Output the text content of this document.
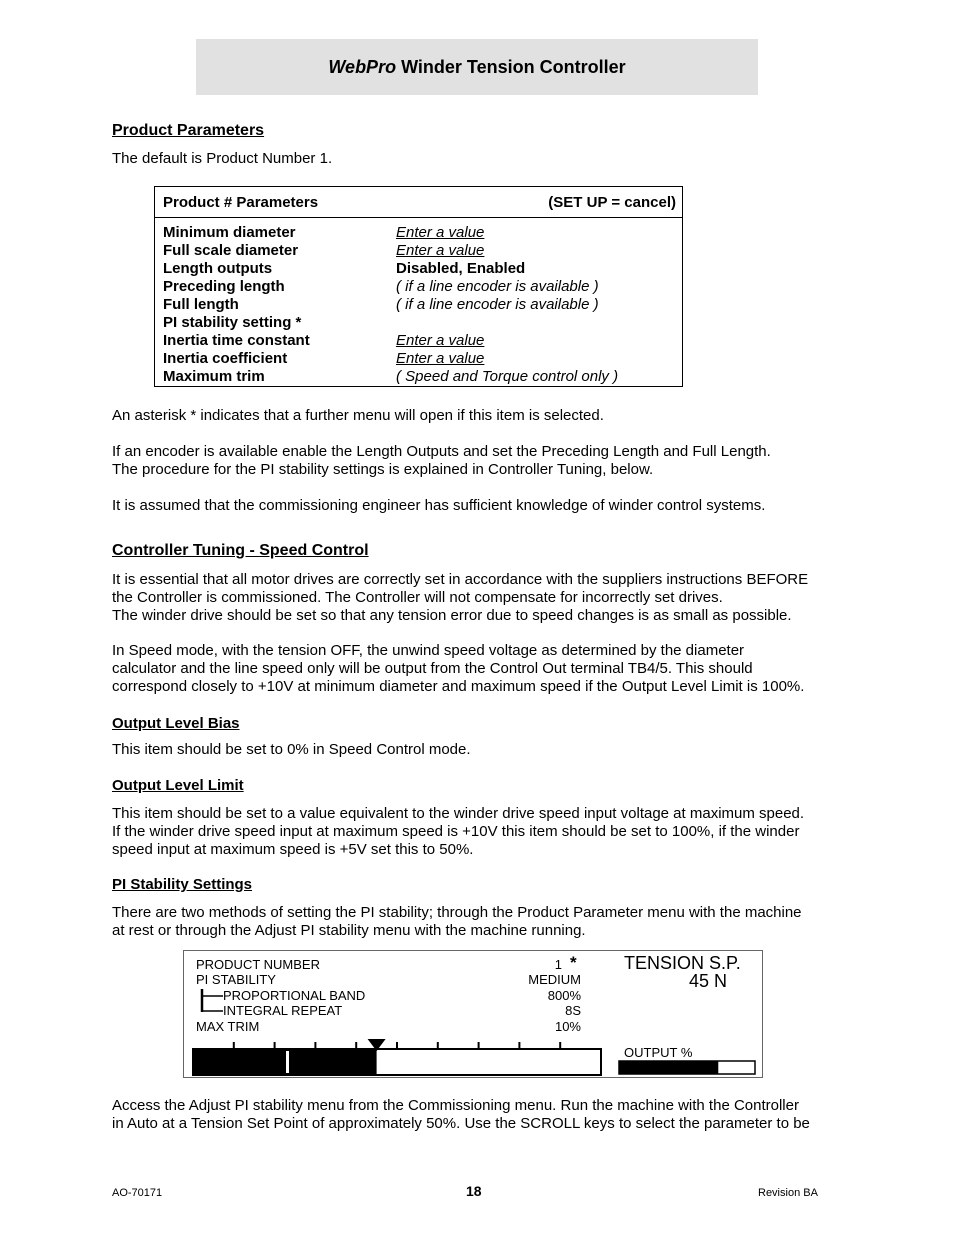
WebPro Winder Tension Controller
Product Parameters
The default is Product Number 1.
Product # Parameters	(SET UP = cancel)
Minimum diameter	Enter a value
Full scale diameter	Enter a value
Length outputs	Disabled, Enabled
Preceding length	( if a line encoder is available )
Full length	( if a line encoder is available )
PI stability setting *
Inertia time constant	Enter a value
Inertia coefficient	Enter a value
Maximum trim	( Speed and Torque control only )
An asterisk * indicates that a further menu will open if this item is selected.
If an encoder is available enable the Length Outputs and set the Preceding Length and Full Length.
The procedure for the PI stability settings is explained in Controller Tuning, below.
It is assumed that the commissioning engineer has sufficient knowledge of winder control systems.
Controller Tuning - Speed Control
It is essential that all motor drives are correctly set in accordance with the suppliers instructions BEFORE
the Controller is commissioned. The Controller will not compensate for incorrectly set drives.
The winder drive should be set so that any tension error due to speed changes is as small as possible.
In Speed mode, with the tension OFF, the unwind speed voltage as determined by the diameter
calculator and the line speed only will be output from the Control Out terminal TB4/5. This should
correspond closely to +10V at minimum diameter and maximum speed if the Output Level Limit is 100%.
Output Level Bias
This item should be set to 0% in Speed Control mode.
Output Level Limit
This item should be set to a value equivalent to the winder drive speed input voltage at maximum speed.
If the winder drive speed input at maximum speed is +10V this item should be set to 100%, if the winder
speed input at maximum speed is +5V set this to 50%.
PI Stability Settings
There are two methods of setting the PI stability; through the Product Parameter menu with the machine
at rest or through the Adjust PI stability menu with the machine running.
PRODUCT NUMBER	1 *
PI STABILITY	MEDIUM
PROPORTIONAL BAND	800%
INTEGRAL REPEAT	8S
MAX TRIM	10%
TENSION S.P.
45 N
OUTPUT %
Access the Adjust PI stability menu from the Commissioning menu. Run the machine with the Controller
in Auto at a Tension Set Point of approximately 50%. Use the SCROLL keys to select the parameter to be
AO-70171	18	Revision BA
